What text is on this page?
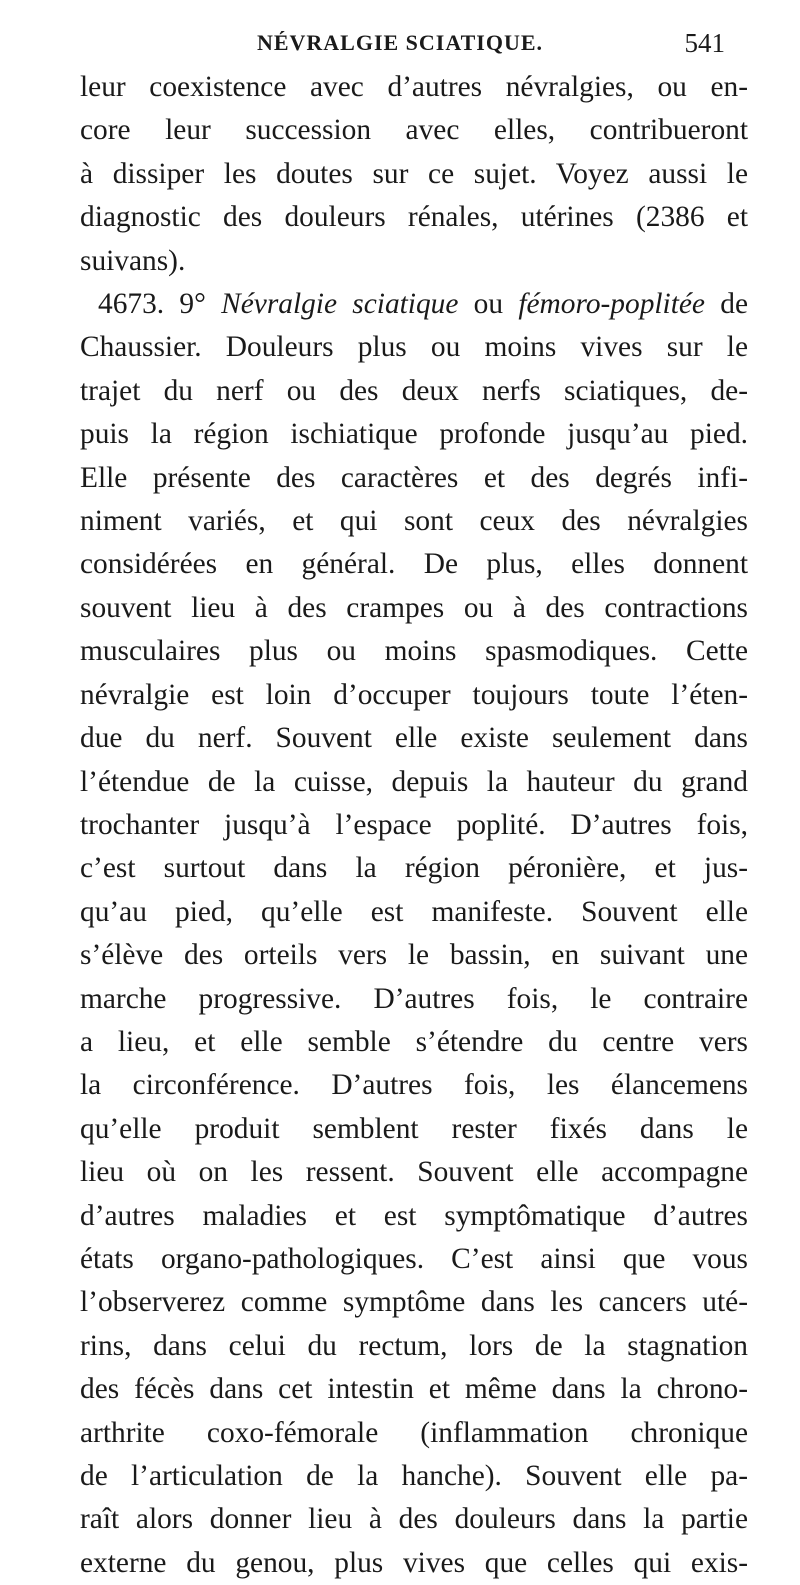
NÉVRALGIE SCIATIQUE.	541

leur coexistence avec d’autres névralgies, ou en-
core leur succession avec elles, contribueront
à dissiper les doutes sur ce sujet. Voyez aussi le
diagnostic des douleurs rénales, utérines (2386 et
suivans).

4673. 9° Névralgie sciatique ou fémoro-poplitée de
Chaussier. Douleurs plus ou moins vives sur le
trajet du nerf ou des deux nerfs sciatiques, de-
puis la région ischiatique profonde jusqu’au pied.
Elle présente des caractères et des degrés infi-
niment variés, et qui sont ceux des névralgies
considérées en général. De plus, elles donnent
souvent lieu à des crampes ou à des contractions
musculaires plus ou moins spasmodiques. Cette
névralgie est loin d’occuper toujours toute l’éten-
due du nerf. Souvent elle existe seulement dans
l’étendue de la cuisse, depuis la hauteur du grand
trochanter jusqu’à l’espace poplité. D’autres fois,
c’est surtout dans la région péronière, et jus-
qu’au pied, qu’elle est manifeste. Souvent elle
s’élève des orteils vers le bassin, en suivant une
marche progressive. D’autres fois, le contraire
a lieu, et elle semble s’étendre du centre vers
la circonférence. D’autres fois, les élancemens
qu’elle produit semblent rester fixés dans le
lieu où on les ressent. Souvent elle accompagne
d’autres maladies et est symptômatique d’autres
états organo-pathologiques. C’est ainsi que vous
l’observerez comme symptôme dans les cancers uté-
rins, dans celui du rectum, lors de la stagnation
des fécès dans cet intestin et même dans la chrono-
arthrite coxo-fémorale (inflammation chronique
de l’articulation de la hanche). Souvent elle pa-
raît alors donner lieu à des douleurs dans la partie
externe du genou, plus vives que celles qui exis-
